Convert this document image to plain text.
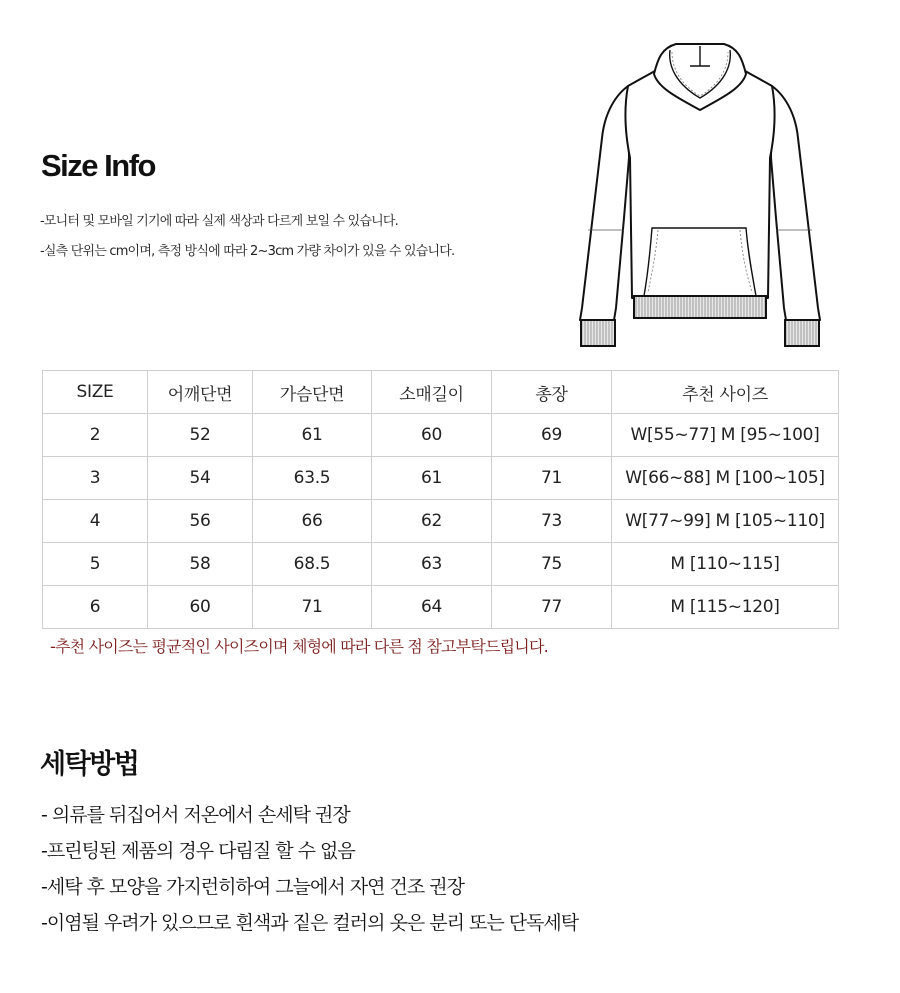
Size Info
-모니터 및 모바일 기기에 따라 실제 색상과 다르게 보일 수 있습니다.
-실측 단위는 cm이며, 측정 방식에 따라 2~3cm 가량 차이가 있을 수 있습니다.
SIZE	어깨단면	가슴단면	소매길이	총장	추천 사이즈
2	52	61	60	69	W[55~77] M [95~100]
3	54	63.5	61	71	W[66~88] M [100~105]
4	56	66	62	73	W[77~99] M [105~110]
5	58	68.5	63	75	M [110~115]
6	60	71	64	77	M [115~120]
-추천 사이즈는 평균적인 사이즈이며 체형에 따라 다른 점 참고부탁드립니다.
세탁방법
- 의류를 뒤집어서 저온에서 손세탁 권장
-프린팅된 제품의 경우 다림질 할 수 없음
-세탁 후 모양을 가지런히하여 그늘에서 자연 건조 권장
-이염될 우려가 있으므로 흰색과 짙은 컬러의 옷은 분리 또는 단독세탁
